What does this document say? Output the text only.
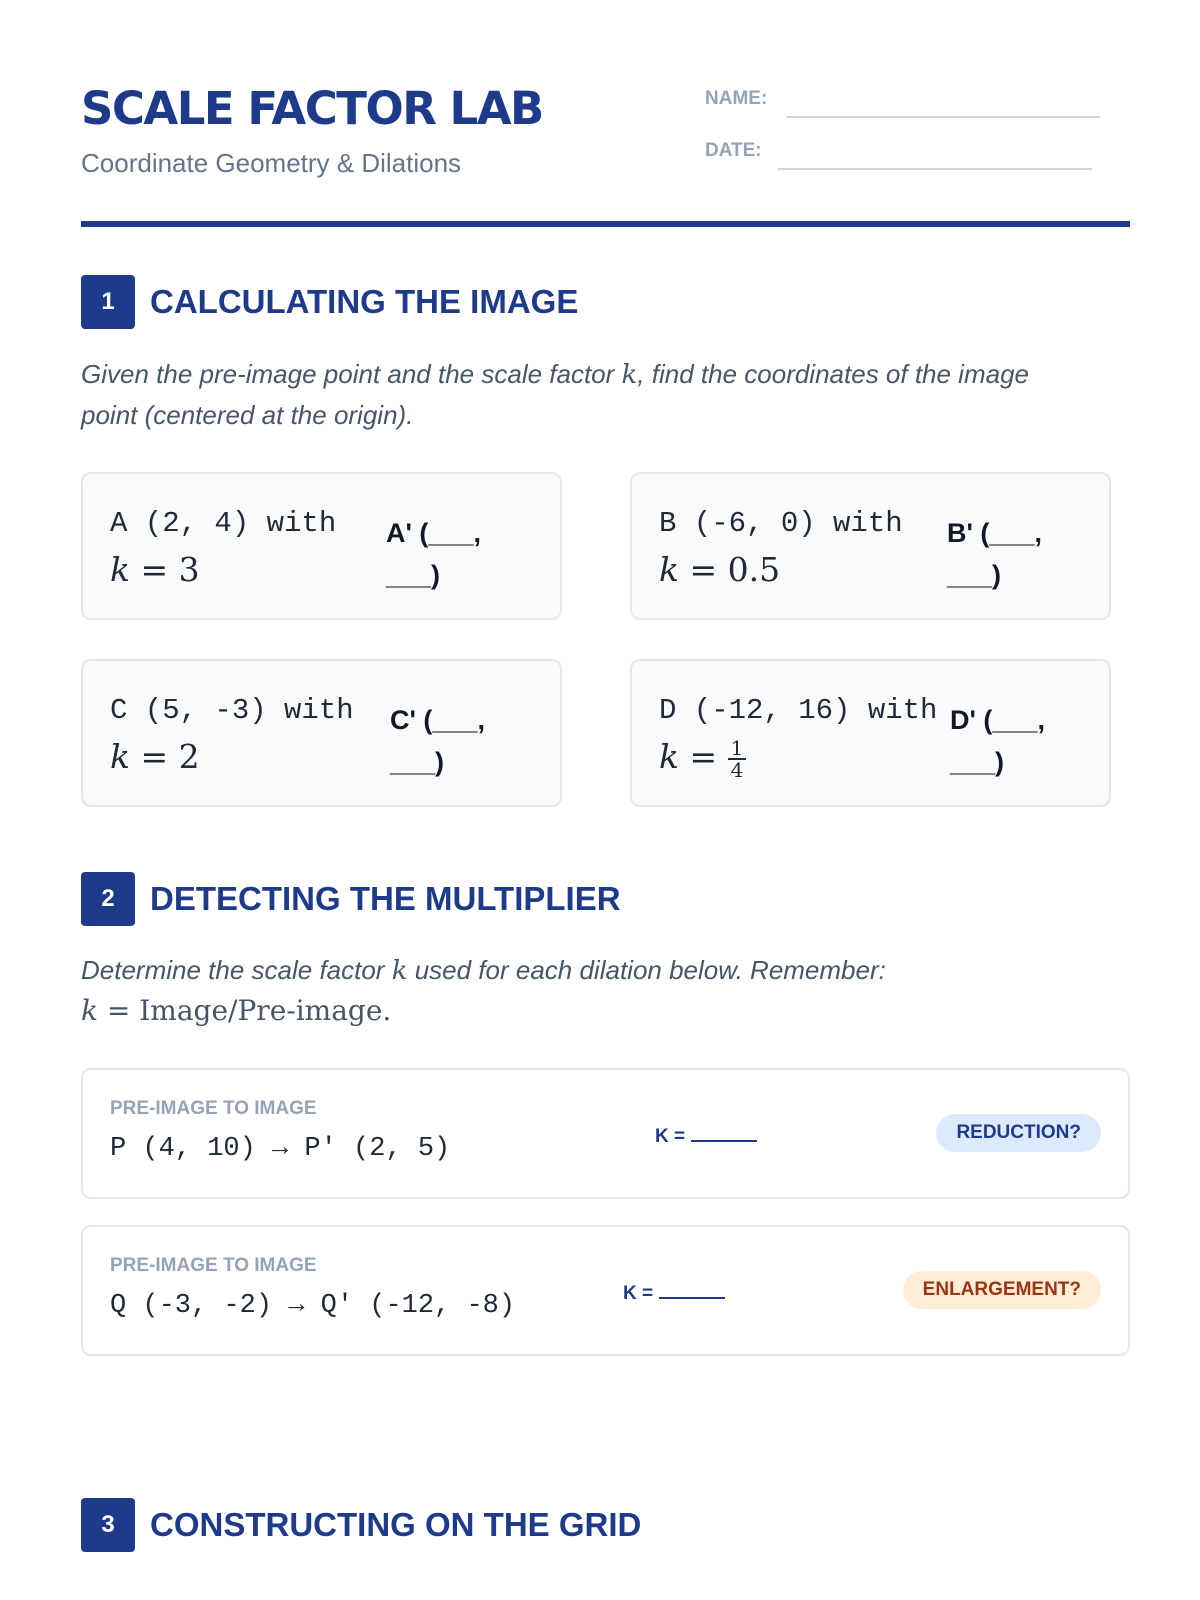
SCALE FACTOR LAB
Coordinate Geometry & Dilations
NAME:
DATE:
1	CALCULATING THE IMAGE
Given the pre-image point and the scale factor k, find the coordinates of the image point (centered at the origin).
A (2, 4) with
k = 3
A' (___,
___)
B (-6, 0) with
k = 0.5
B' (___,
___)
C (5, -3) with
k = 2
C' (___,
___)
D (-12, 16) with
$k = \frac{1}{4}$
D' (___,
___)
2	DETECTING THE MULTIPLIER
Determine the scale factor k used for each dilation below. Remember:
k = Image/Pre-image.
PRE-IMAGE TO IMAGE
P (4, 10) → P' (2, 5)	K =	REDUCTION?
PRE-IMAGE TO IMAGE
Q (-3, -2) → Q' (-12, -8)	K =	ENLARGEMENT?
3	CONSTRUCTING ON THE GRID
